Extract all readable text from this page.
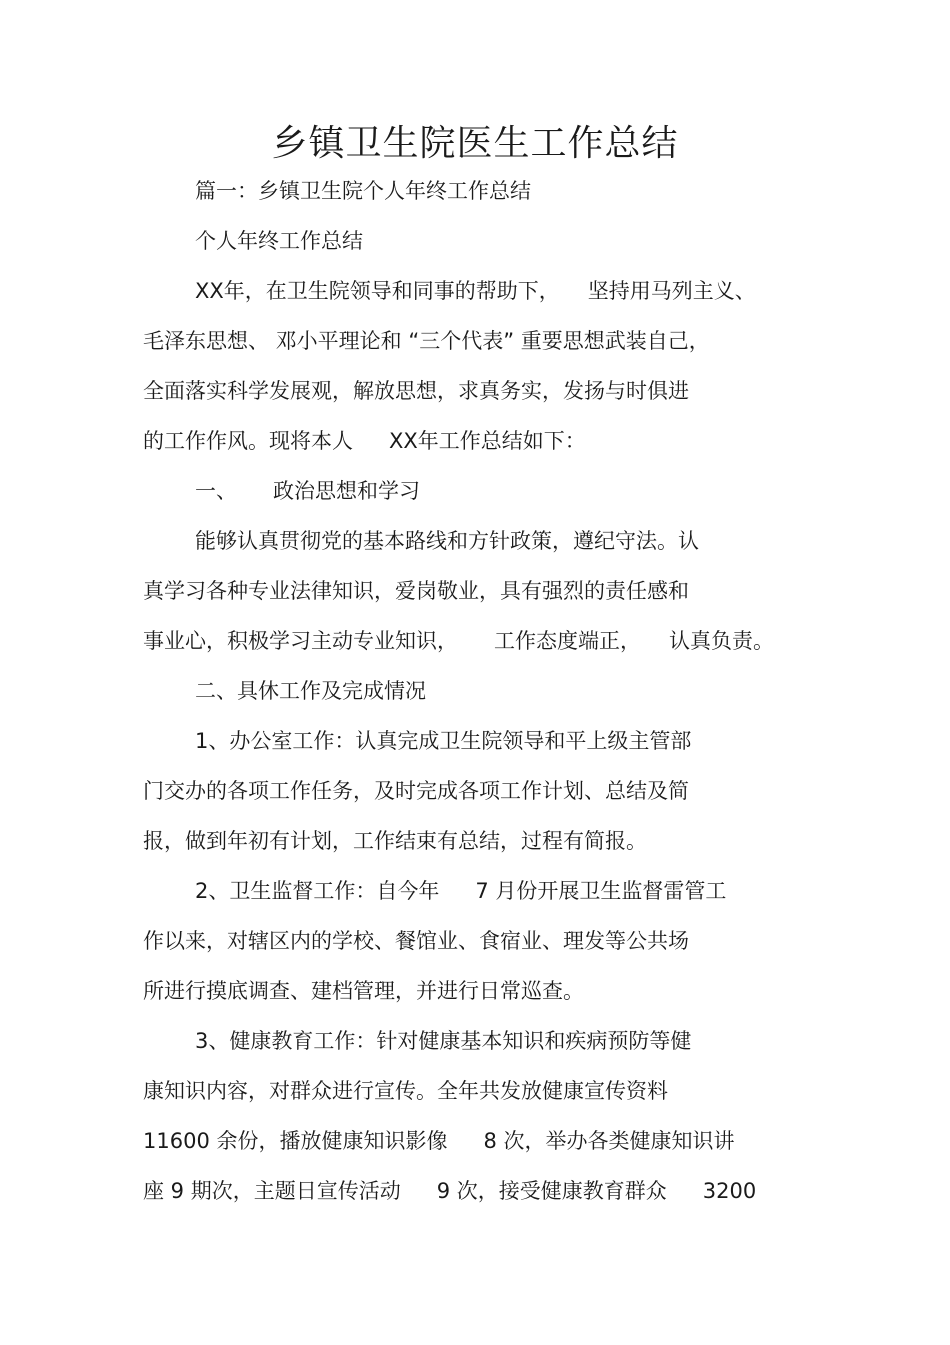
乡镇卫生院医生工作总结
篇一：乡镇卫生院个人年终工作总结
个人年终工作总结
XX年，在卫生院领导和同事的帮助下， 坚持用马列主义、
毛泽东思想、 邓小平理论和 “三个代表” 重要思想武装自己，
全面落实科学发展观，解放思想，求真务实，发扬与时俱进
的工作作风。现将本人 XX年工作总结如下：
一、 政治思想和学习
能够认真贯彻党的基本路线和方针政策，遵纪守法。认
真学习各种专业法律知识，爱岗敬业，具有强烈的责任感和
事业心，积极学习主动专业知识， 工作态度端正， 认真负责。
二、具休工作及完成情况
1、办公室工作：认真完成卫生院领导和平上级主管部
门交办的各项工作任务，及时完成各项工作计划、总结及简
报，做到年初有计划，工作结束有总结，过程有简报。
2、卫生监督工作：自今年 7 月份开展卫生监督雷管工
作以来，对辖区内的学校、餐馆业、食宿业、理发等公共场
所进行摸底调查、建档管理，并进行日常巡查。
3、健康教育工作：针对健康基本知识和疾病预防等健
康知识内容，对群众进行宣传。全年共发放健康宣传资料
11600 余份，播放健康知识影像 8 次，举办各类健康知识讲
座 9 期次，主题日宣传活动 9 次，接受健康教育群众 3200
